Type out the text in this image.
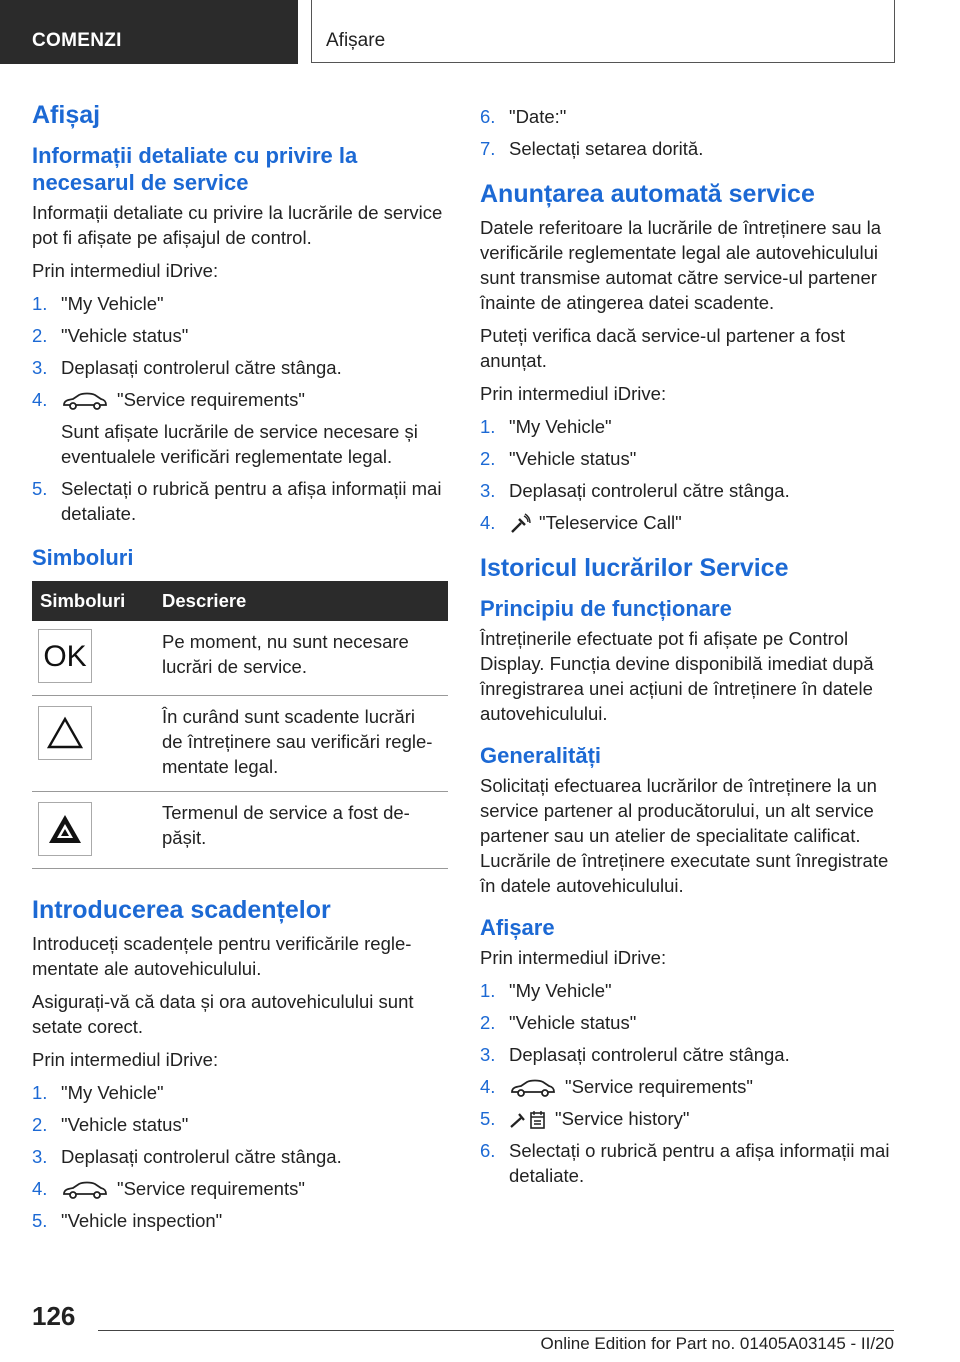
COMENZI	Afișare
Afișaj
Informații detaliate cu privire la necesarul de service
Informații detaliate cu privire la lucrările de service pot fi afișate pe afișajul de control.
Prin intermediul iDrive:
1. "My Vehicle"
2. "Vehicle status"
3. Deplasați controlerul către stânga.
4.	"Service requirements"
Sunt afișate lucrările de service necesare și eventualele verificări reglementate legal.
5. Selectați o rubrică pentru a afișa informații mai detaliate.
Simboluri
Simboluri	Descriere

OK	Pe moment, nu sunt necesare lucrări de service.

	În curând sunt scadente lucrări de întreținere sau verificări reglementate legal.

	Termenul de service a fost depășit.
Introducerea scadențelor
Introduceți scadențele pentru verificările reglementate ale autovehiculului.
Asigurați-vă că data și ora autovehiculului sunt setate corect.
Prin intermediul iDrive:
1. "My Vehicle"
2. "Vehicle status"
3. Deplasați controlerul către stânga.
4.	"Service requirements"
5. "Vehicle inspection"
6. "Date:"
7. Selectați setarea dorită.
Anunțarea automată service
Datele referitoare la lucrările de întreținere sau la verificările reglementate legal ale autovehiculului sunt transmise automat către service-ul partener înainte de atingerea datei scadente.
Puteți verifica dacă service-ul partener a fost anunțat.
Prin intermediul iDrive:
1. "My Vehicle"
2. "Vehicle status"
3. Deplasați controlerul către stânga.
4.	"Teleservice Call"
Istoricul lucrărilor Service
Principiu de funcționare
Întreținerile efectuate pot fi afișate pe Control Display. Funcția devine disponibilă imediat după înregistrarea unei acțiuni de întreținere în datele autovehiculului.
Generalități
Solicitați efectuarea lucrărilor de întreținere la un service partener al producătorului, un alt service partener sau un atelier de specialitate calificat. Lucrările de întreținere executate sunt înregistrate în datele autovehiculului.
Afișare
Prin intermediul iDrive:
1. "My Vehicle"
2. "Vehicle status"
3. Deplasați controlerul către stânga.
4.	"Service requirements"
5.	"Service history"
6. Selectați o rubrică pentru a afișa informații mai detaliate.
126
Online Edition for Part no. 01405A03145 - II/20
